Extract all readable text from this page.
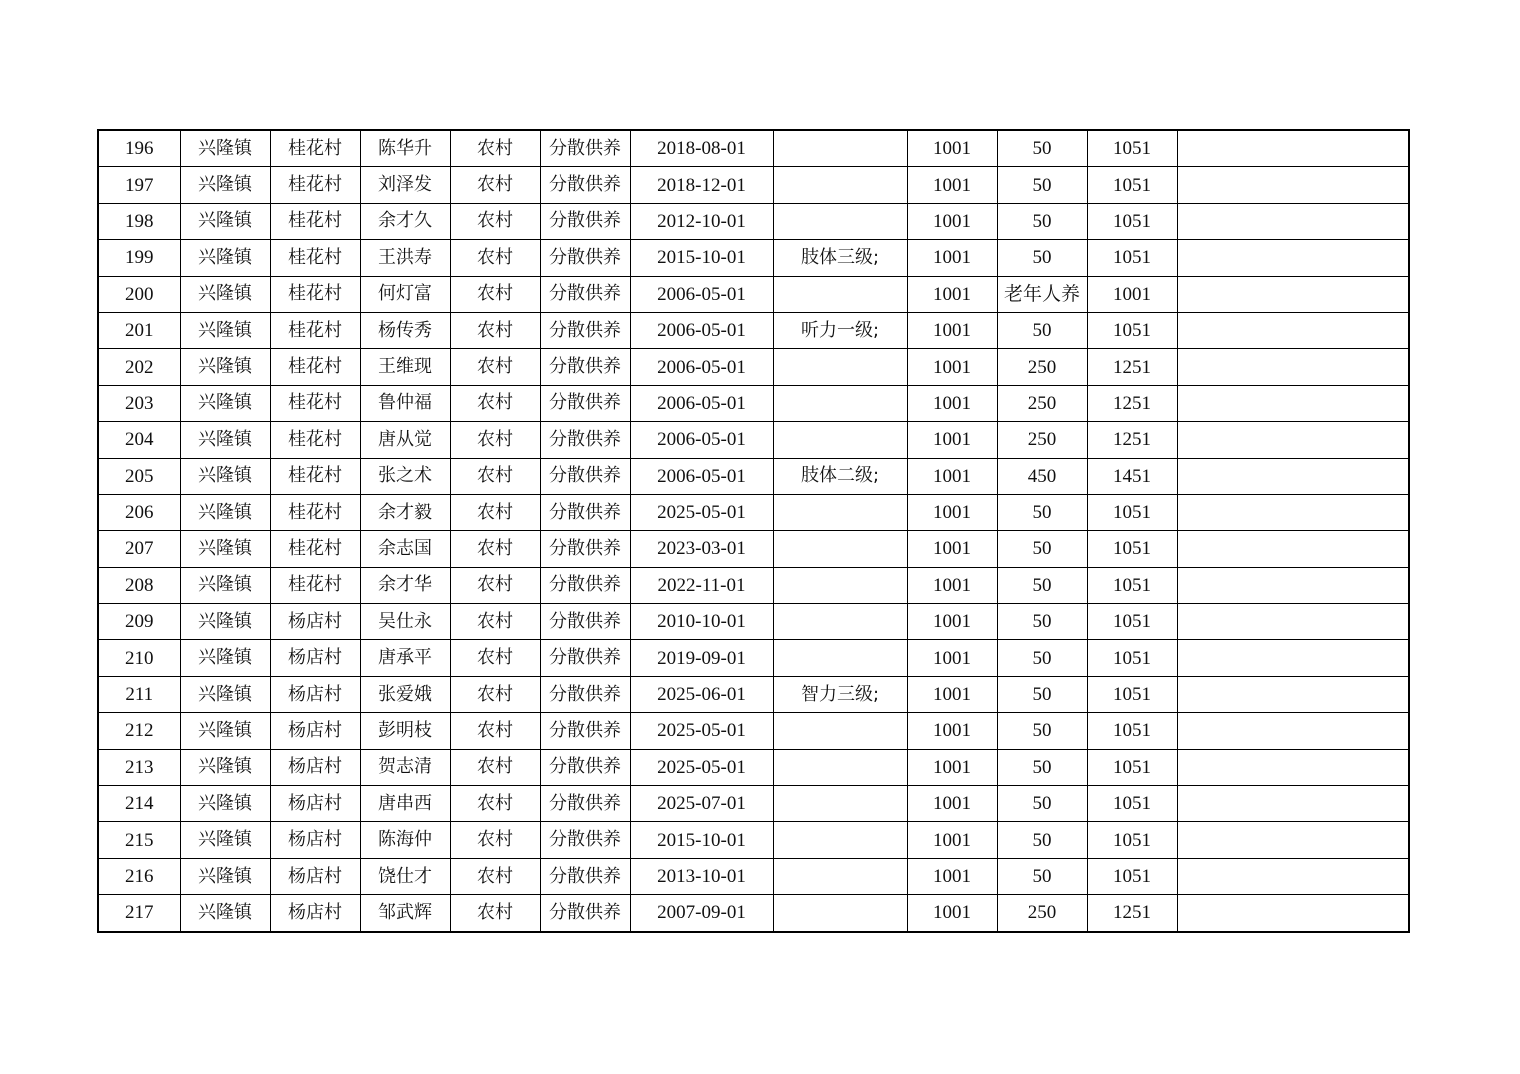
196	兴隆镇	桂花村	陈华升	农村	分散供养	2018-08-01		1001	50	1051	
197	兴隆镇	桂花村	刘泽发	农村	分散供养	2018-12-01		1001	50	1051	
198	兴隆镇	桂花村	余才久	农村	分散供养	2012-10-01		1001	50	1051	
199	兴隆镇	桂花村	王洪寿	农村	分散供养	2015-10-01	肢体三级;	1001	50	1051	
200	兴隆镇	桂花村	何灯富	农村	分散供养	2006-05-01		1001	老年人养	1001	
201	兴隆镇	桂花村	杨传秀	农村	分散供养	2006-05-01	听力一级;	1001	50	1051	
202	兴隆镇	桂花村	王维现	农村	分散供养	2006-05-01		1001	250	1251	
203	兴隆镇	桂花村	鲁仲福	农村	分散供养	2006-05-01		1001	250	1251	
204	兴隆镇	桂花村	唐从觉	农村	分散供养	2006-05-01		1001	250	1251	
205	兴隆镇	桂花村	张之术	农村	分散供养	2006-05-01	肢体二级;	1001	450	1451	
206	兴隆镇	桂花村	余才毅	农村	分散供养	2025-05-01		1001	50	1051	
207	兴隆镇	桂花村	余志国	农村	分散供养	2023-03-01		1001	50	1051	
208	兴隆镇	桂花村	余才华	农村	分散供养	2022-11-01		1001	50	1051	
209	兴隆镇	杨店村	吴仕永	农村	分散供养	2010-10-01		1001	50	1051	
210	兴隆镇	杨店村	唐承平	农村	分散供养	2019-09-01		1001	50	1051	
211	兴隆镇	杨店村	张爱娥	农村	分散供养	2025-06-01	智力三级;	1001	50	1051	
212	兴隆镇	杨店村	彭明枝	农村	分散供养	2025-05-01		1001	50	1051	
213	兴隆镇	杨店村	贺志清	农村	分散供养	2025-05-01		1001	50	1051	
214	兴隆镇	杨店村	唐串西	农村	分散供养	2025-07-01		1001	50	1051	
215	兴隆镇	杨店村	陈海仲	农村	分散供养	2015-10-01		1001	50	1051	
216	兴隆镇	杨店村	饶仕才	农村	分散供养	2013-10-01		1001	50	1051	
217	兴隆镇	杨店村	邹武辉	农村	分散供养	2007-09-01		1001	250	1251	
